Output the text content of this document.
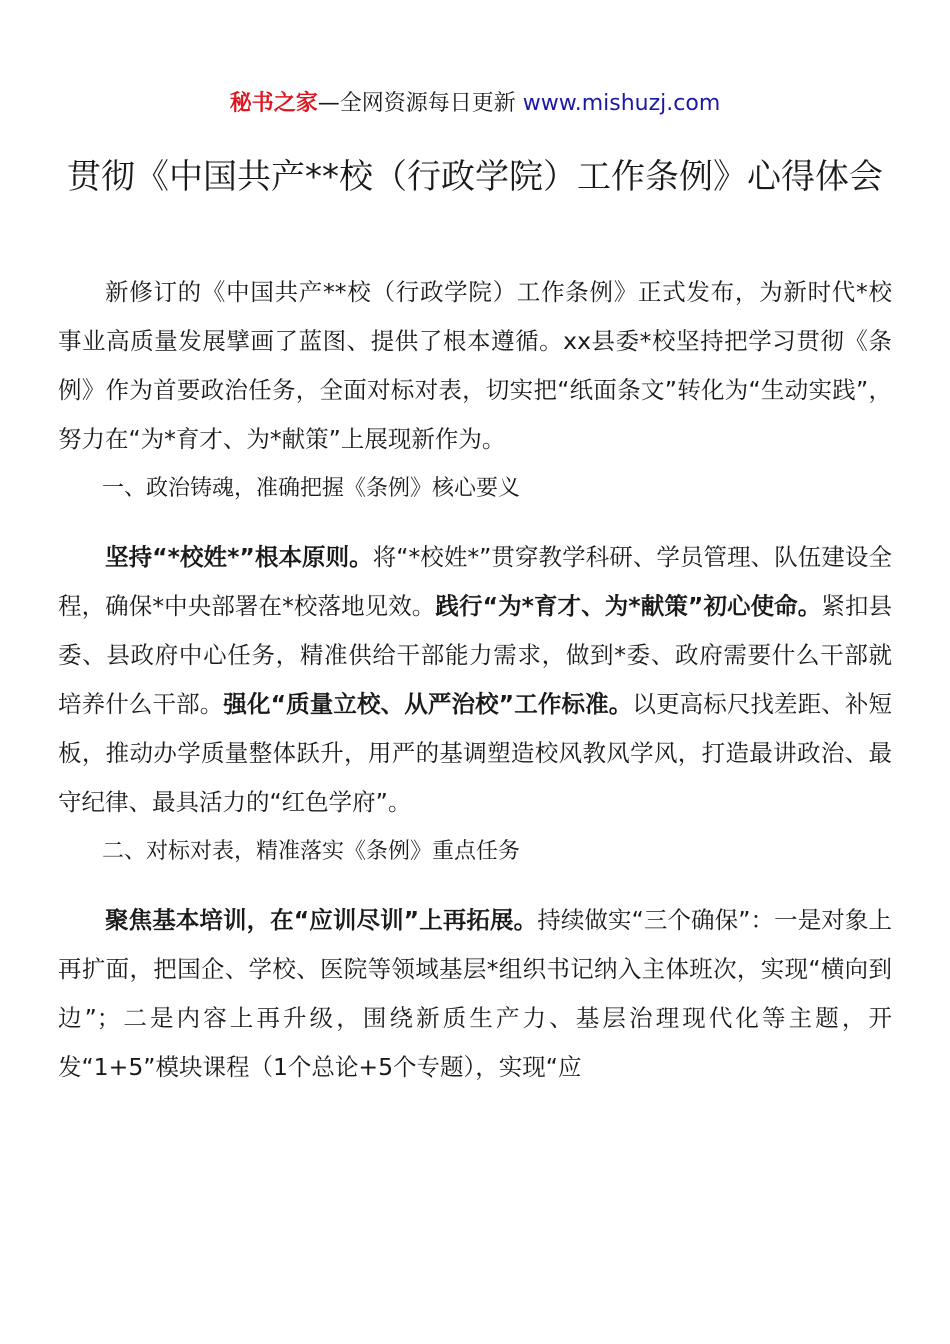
秘书之家—全网资源每日更新 www.mishuzj.com
贯彻《中国共产**校（行政学院）工作条例》心得体会

新修订的《中国共产**校（行政学院）工作条例》正式发布，为新时代*校事业高质量发展擘画了蓝图、提供了根本遵循。xx县委*校坚持把学习贯彻《条例》作为首要政治任务，全面对标对表，切实把“纸面条文”转化为“生动实践”，努力在“为*育才、为*献策”上展现新作为。

一、政治铸魂，准确把握《条例》核心要义

坚持“*校姓*”根本原则。将“*校姓*”贯穿教学科研、学员管理、队伍建设全程，确保*中央部署在*校落地见效。践行“为*育才、为*献策”初心使命。紧扣县委、县政府中心任务，精准供给干部能力需求，做到*委、政府需要什么干部就培养什么干部。强化“质量立校、从严治校”工作标准。以更高标尺找差距、补短板，推动办学质量整体跃升，用严的基调塑造校风教风学风，打造最讲政治、最守纪律、最具活力的“红色学府”。

二、对标对表，精准落实《条例》重点任务

聚焦基本培训，在“应训尽训”上再拓展。持续做实“三个确保”：一是对象上再扩面，把国企、学校、医院等领域基层*组织书记纳入主体班次，实现“横向到边”；二是内容上再升级，围绕新质生产力、基层治理现代化等主题，开发“1+5”模块课程（1个总论+5个专题），实现“应
